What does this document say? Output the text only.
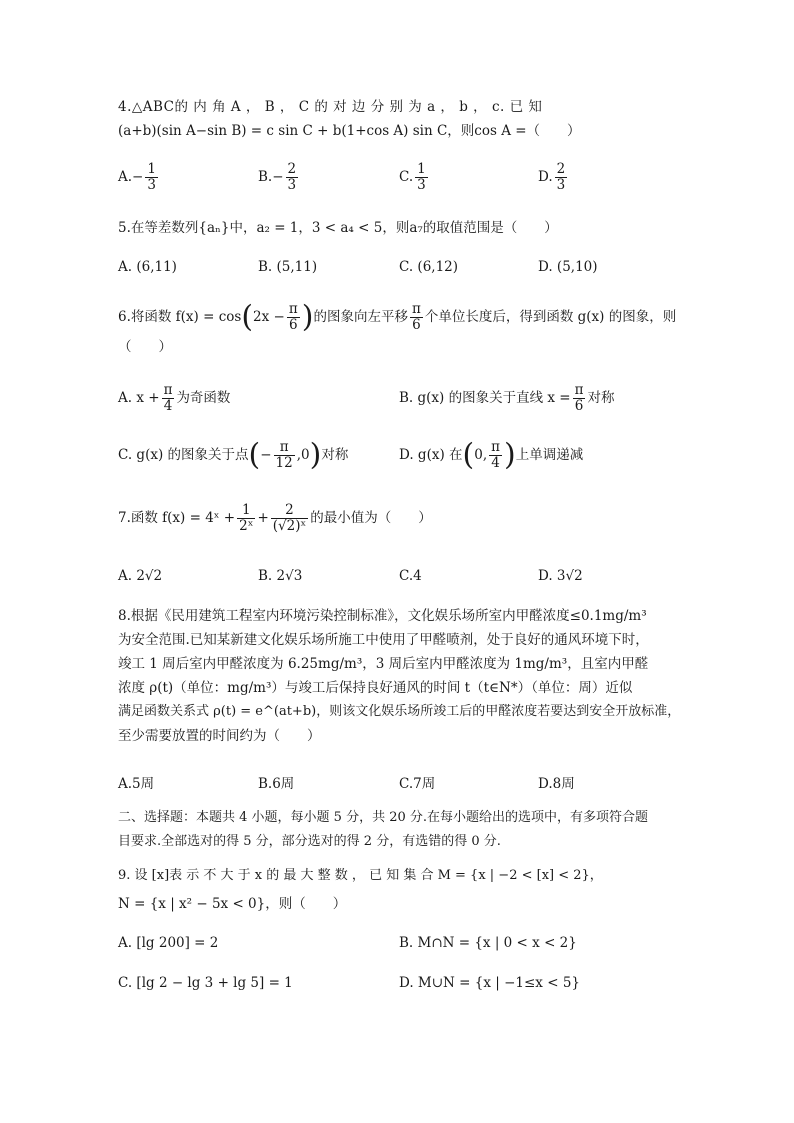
4.△ABC的 内 角 A ， B ， C 的 对 边 分 别 为 a ， b ， c. 已 知
(a+b)(sin A−sin B) = c sin C + b(1+cos A) sin C，则cos A =（　　）
$A.- \frac{1}{3}$	$B.- \frac{2}{3}$	C. $\frac{1}{3}$	D. $\frac{2}{3}$
5.在等差数列{aₙ}中，a₂ = 1，3 < a₄ < 5，则a₇的取值范围是（　　）
A. (6,11)	B. (5,11)	C. (6,12)	D. (5,10)
6.将函数 $f(x) = \cos(2x - \frac{\pi}{6}$ )的图象向左平移 $\frac{\pi}{6}$ 个单位长度后，得到函数 g(x) 的图象，则
（　　）
A. $x + \frac{\pi}{4}$ 为奇函数	B. g(x) 的图象关于直线 $x = \frac{\pi}{6}$ 对称
C. g(x) 的图象关于点(− $\frac{\pi}{12} ,0$)对称	D. g(x) 在(0, $\frac{\pi}{4}$ )上单调递减
7.函数 f(x) = 4ˣ + $\frac{1}{\text{2ˣ}} + \frac{2}{\text{(√2)ˣ}}$ 的最小值为（　　）
A. 2√2	B. 2√3	C.4	D. 3√2
8.根据《民用建筑工程室内环境污染控制标准》，文化娱乐场所室内甲醛浓度≤0.1mg/m³
为安全范围.已知某新建文化娱乐场所施工中使用了甲醛喷剂，处于良好的通风环境下时，
竣工 1 周后室内甲醛浓度为 6.25mg/m³，3 周后室内甲醛浓度为 1mg/m³，且室内甲醛
浓度 ρ(t)（单位：mg/m³）与竣工后保持良好通风的时间 t（t∈N*）（单位：周）近似
满足函数关系式 ρ(t) = e^(at+b)，则该文化娱乐场所竣工后的甲醛浓度若要达到安全开放标准，
至少需要放置的时间约为（　　）
A.5周	B.6周	C.7周	D.8周
二、选择题：本题共 4 小题，每小题 5 分，共 20 分.在每小题给出的选项中，有多项符合题
目要求.全部选对的得 5 分，部分选对的得 2 分，有选错的得 0 分.
9. 设 [x]表 示 不 大 于 x 的 最 大 整 数 ， 已 知 集 合 M = {x | −2 < [x] < 2}，
N = {x | x² − 5x < 0}，则（　　）
A. [lg 200] = 2	B. M∩N = {x | 0 < x < 2}
C. [lg 2 − lg 3 + lg 5] = 1	D. M∪N = {x | −1≤x < 5}
